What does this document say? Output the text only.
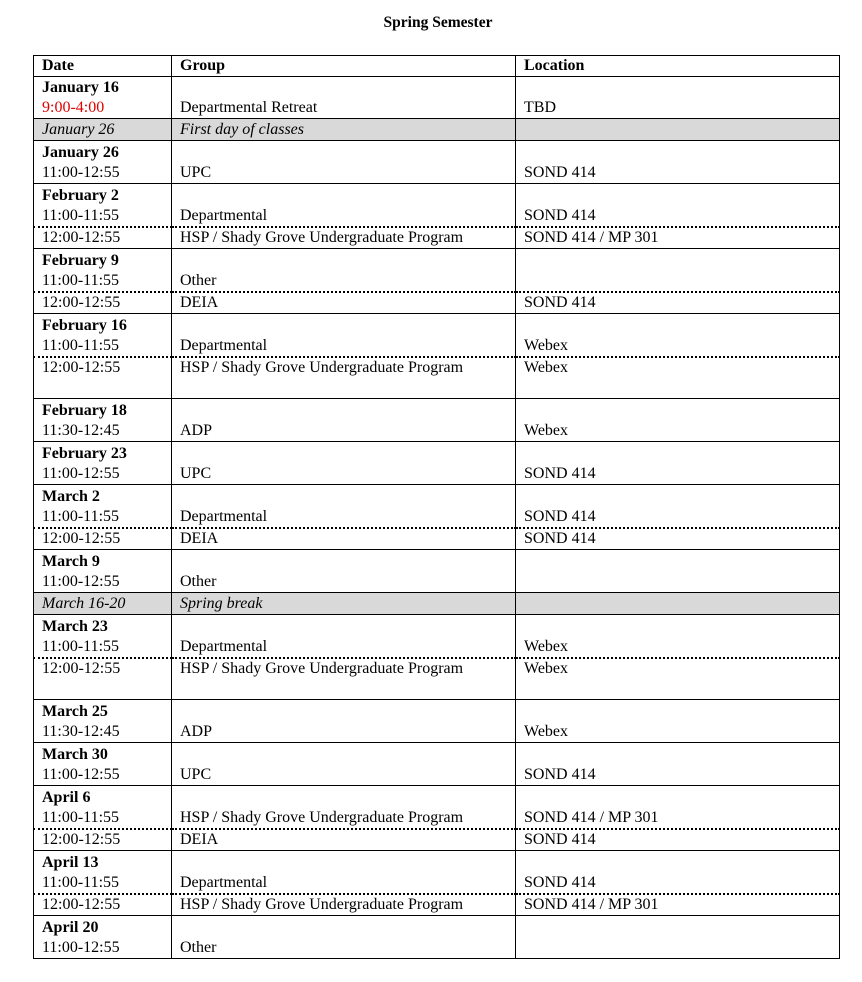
Spring Semester
Date	Group	Location

January 16
9:00-4:00	Departmental Retreat	TBD
January 26	First day of classes	

January 26
11:00-12:55	UPC	SOND 414

February 2
11:00-11:55	Departmental	SOND 414

12:00-12:55	HSP / Shady Grove Undergraduate Program	SOND 414 / MP 301

February 9
11:00-11:55	Other	

12:00-12:55	DEIA	SOND 414

February 16
11:00-11:55	Departmental	Webex

12:00-12:55	HSP / Shady Grove Undergraduate Program	Webex

February 18
11:30-12:45	ADP	Webex

February 23
11:00-12:55	UPC	SOND 414

March 2
11:00-11:55	Departmental	SOND 414

12:00-12:55	DEIA	SOND 414

March 9
11:00-12:55	Other	
March 16-20	Spring break	

March 23
11:00-11:55	Departmental	Webex

12:00-12:55	HSP / Shady Grove Undergraduate Program	Webex

March 25
11:30-12:45	ADP	Webex

March 30
11:00-12:55	UPC	SOND 414

April 6
11:00-11:55	HSP / Shady Grove Undergraduate Program	SOND 414 / MP 301

12:00-12:55	DEIA	SOND 414

April 13
11:00-11:55	Departmental	SOND 414

12:00-12:55	HSP / Shady Grove Undergraduate Program	SOND 414 / MP 301

April 20
11:00-12:55	Other	
